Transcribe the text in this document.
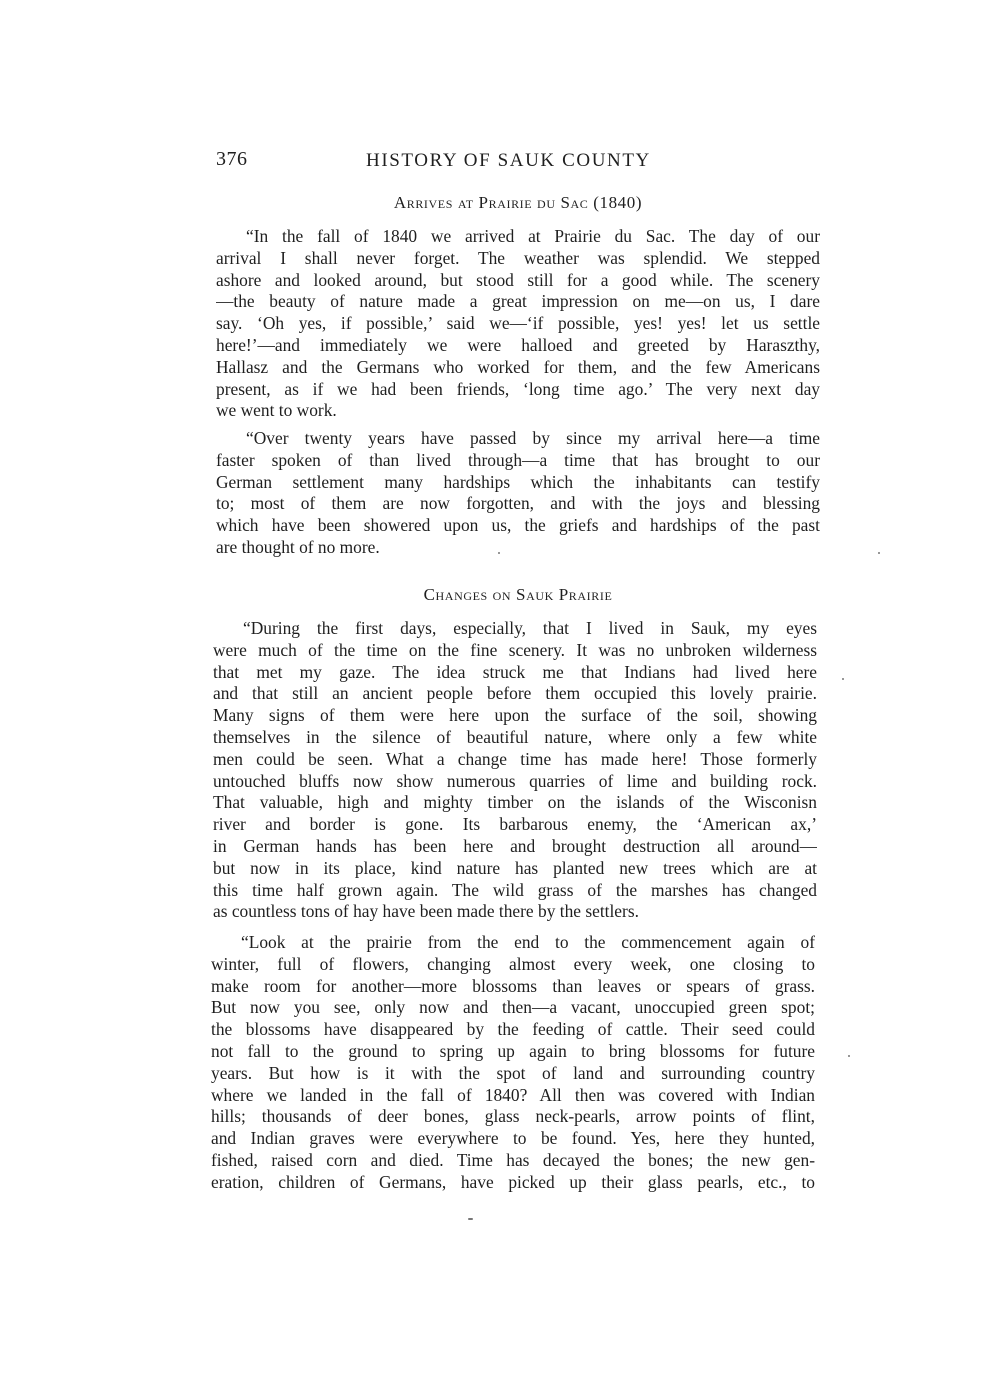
376	HISTORY OF SAUK COUNTY
Arrives at Prairie du Sac (1840)
“In the fall of 1840 we arrived at Prairie du Sac. The day of our
arrival I shall never forget. The weather was splendid. We stepped
ashore and looked around, but stood still for a good while. The scenery
—the beauty of nature made a great impression on me—on us, I dare
say. ‘Oh yes, if possible,’ said we—‘if possible, yes! yes! let us settle
here!’—and immediately we were halloed and greeted by Haraszthy,
Hallasz and the Germans who worked for them, and the few Americans
present, as if we had been friends, ‘long time ago.’ The very next day
we went to work.
“Over twenty years have passed by since my arrival here—a time
faster spoken of than lived through—a time that has brought to our
German settlement many hardships which the inhabitants can testify
to; most of them are now forgotten, and with the joys and blessing
which have been showered upon us, the griefs and hardships of the past
are thought of no more.
Changes on Sauk Prairie
“During the first days, especially, that I lived in Sauk, my eyes
were much of the time on the fine scenery. It was no unbroken wilderness
that met my gaze. The idea struck me that Indians had lived here
and that still an ancient people before them occupied this lovely prairie.
Many signs of them were here upon the surface of the soil, showing
themselves in the silence of beautiful nature, where only a few white
men could be seen. What a change time has made here! Those formerly
untouched bluffs now show numerous quarries of lime and building rock.
That valuable, high and mighty timber on the islands of the Wisconisn
river and border is gone. Its barbarous enemy, the ‘American ax,’
in German hands has been here and brought destruction all around—
but now in its place, kind nature has planted new trees which are at
this time half grown again. The wild grass of the marshes has changed
as countless tons of hay have been made there by the settlers.
“Look at the prairie from the end to the commencement again of
winter, full of flowers, changing almost every week, one closing to
make room for another—more blossoms than leaves or spears of grass.
But now you see, only now and then—a vacant, unoccupied green spot;
the blossoms have disappeared by the feeding of cattle. Their seed could
not fall to the ground to spring up again to bring blossoms for future
years. But how is it with the spot of land and surrounding country
where we landed in the fall of 1840? All then was covered with Indian
hills; thousands of deer bones, glass neck-pearls, arrow points of flint,
and Indian graves were everywhere to be found. Yes, here they hunted,
fished, raised corn and died. Time has decayed the bones; the new gen-
eration, children of Germans, have picked up their glass pearls, etc., to
